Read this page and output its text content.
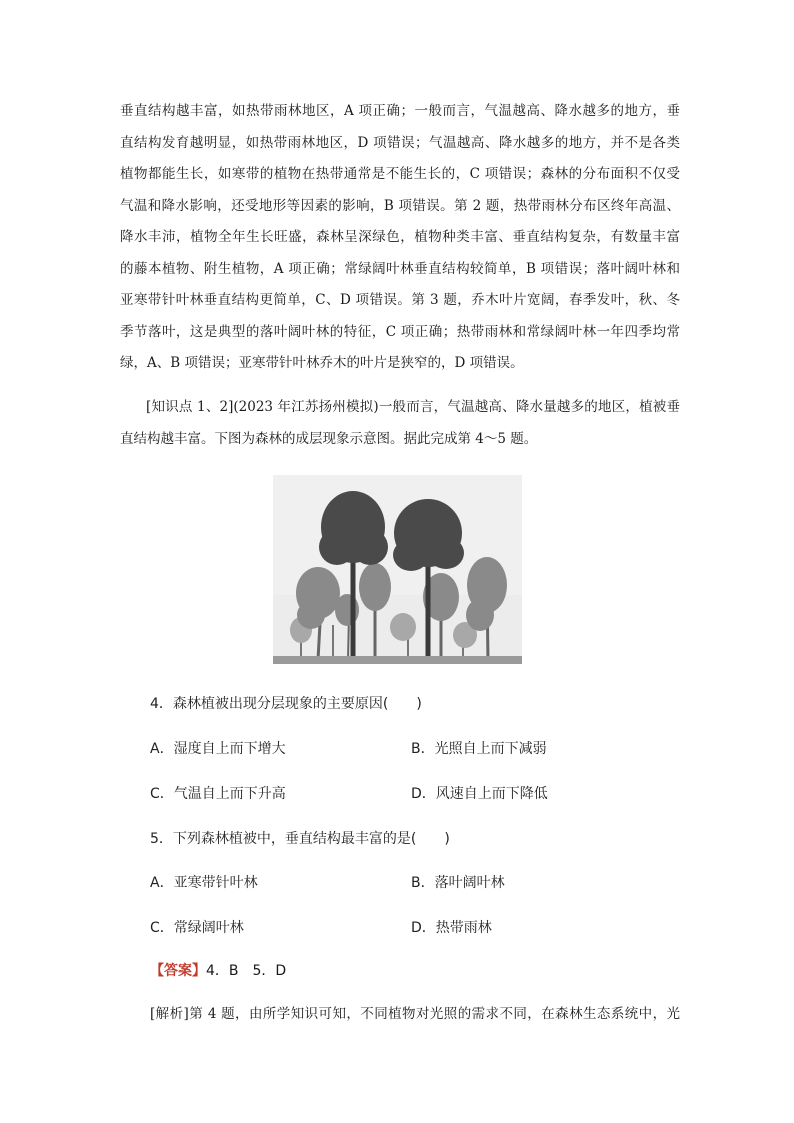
垂直结构越丰富，如热带雨林地区，A 项正确；一般而言，气温越高、降水越多的地方，垂
直结构发育越明显，如热带雨林地区，D 项错误；气温越高、降水越多的地方，并不是各类
植物都能生长，如寒带的植物在热带通常是不能生长的，C 项错误；森林的分布面积不仅受
气温和降水影响，还受地形等因素的影响，B 项错误。第 2 题，热带雨林分布区终年高温、
降水丰沛，植物全年生长旺盛，森林呈深绿色，植物种类丰富、垂直结构复杂，有数量丰富
的藤本植物、附生植物，A 项正确；常绿阔叶林垂直结构较简单，B 项错误；落叶阔叶林和
亚寒带针叶林垂直结构更简单，C、D 项错误。第 3 题，乔木叶片宽阔，春季发叶，秋、冬
季节落叶，这是典型的落叶阔叶林的特征，C 项正确；热带雨林和常绿阔叶林一年四季均常
绿，A、B 项错误；亚寒带针叶林乔木的叶片是狭窄的，D 项错误。
[知识点 1、2](2023 年江苏扬州模拟)一般而言，气温越高、降水量越多的地区，植被垂
直结构越丰富。下图为森林的成层现象示意图。据此完成第 4～5 题。
4．森林植被出现分层现象的主要原因(　　)
A．湿度自上而下增大	B．光照自上而下减弱
C．气温自上而下升高	D．风速自上而下降低
5．下列森林植被中，垂直结构最丰富的是(　　)
A．亚寒带针叶林	B．落叶阔叶林
C．常绿阔叶林	D．热带雨林
【答案】4．B　5．D
[解析]第 4 题，由所学知识可知，不同植物对光照的需求不同，在森林生态系统中，光
